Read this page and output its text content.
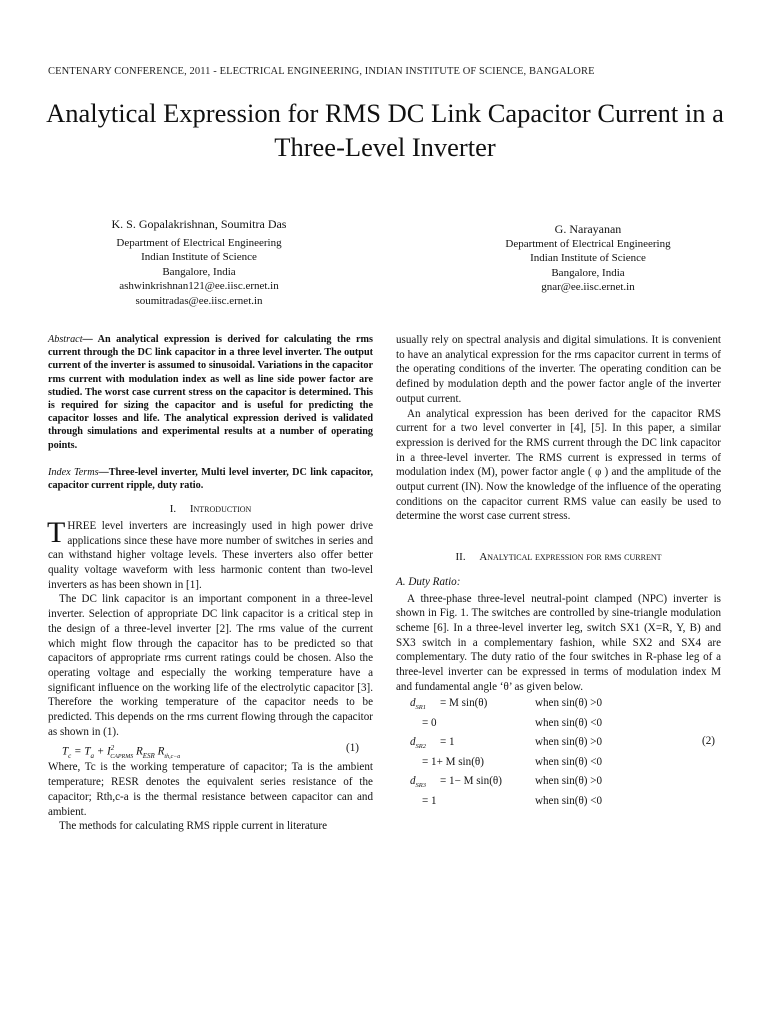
CENTENARY CONFERENCE, 2011 - ELECTRICAL ENGINEERING, INDIAN INSTITUTE OF SCIENCE, BANGALORE
Analytical Expression for RMS DC Link Capacitor Current in a Three-Level Inverter
K. S. Gopalakrishnan, Soumitra Das
Department of Electrical Engineering
Indian Institute of Science
Bangalore, India
ashwinkrishnan121@ee.iisc.ernet.in
soumitradas@ee.iisc.ernet.in
G. Narayanan
Department of Electrical Engineering
Indian Institute of Science
Bangalore, India
gnar@ee.iisc.ernet.in

Abstract— An analytical expression is derived for calculating the rms current through the DC link capacitor in a three level inverter. The output current of the inverter is assumed to sinusoidal. Variations in the capacitor rms current with modulation index as well as line side power factor are studied. The worst case current stress on the capacitor is determined. This is required for sizing the capacitor and is useful for predicting the capacitor losses and life. The analytical expression derived is validated through simulations and experimental results at a number of operating points.

Index Terms—Three-level inverter, Multi level inverter, DC link capacitor, capacitor current ripple, duty ratio.

I. Introduction

THREE level inverters are increasingly used in high power drive applications since these have more number of switches in series and can withstand higher voltage levels. These inverters also offer better quality voltage waveform with less harmonic content than two-level inverters as has been shown in [1].

The DC link capacitor is an important component in a three-level inverter. Selection of appropriate DC link capacitor is a critical step in the design of a three-level inverter [2]. The rms value of the current which might flow through the capacitor has to be predicted so that capacitors of appropriate rms current ratings could be chosen. Also the operating voltage and especially the working temperature have a significant influence on the working life of the electrolytic capacitor [3]. Therefore the working temperature of the capacitor needs to be predicted. This depends on the rms current flowing through the capacitor as shown in (1).

$T_c = T_a + I^2_{CAPRMS}$ $R_{ESR}$ $R_{th,c-a}$
(1)

Where, Tc is the working temperature of capacitor; Ta is the ambient temperature; RESR denotes the equivalent series resistance of the capacitor; Rth,c-a is the thermal resistance between capacitor can and ambient.

The methods for calculating RMS ripple current in literature

usually rely on spectral analysis and digital simulations. It is convenient to have an analytical expression for the rms capacitor current in terms of the operating conditions of the inverter. The operating condition can be defined by modulation depth and the power factor angle of the inverter output current.

An analytical expression has been derived for the capacitor RMS current for a two level converter in [4], [5]. In this paper, a similar expression is derived for the RMS current through the DC link capacitor in a three-level inverter. The RMS current is expressed in terms of modulation index (M), power factor angle ( φ ) and the amplitude of the output current (IN). Now the knowledge of the influence of the operating conditions on the capacitor current RMS value can easily be used to determine the worst case current stress.

II. Analytical expression for rms current

A. Duty Ratio:

A three-phase three-level neutral-point clamped (NPC) inverter is shown in Fig. 1. The switches are controlled by sine-triangle modulation scheme [6]. In a three-level inverter leg, switch SX1 (X=R, Y, B) and SX3 switch in a complementary fashion, while SX2 and SX4 are complementary. The duty ratio of the four switches in R-phase leg of a three-level inverter can be expressed in terms of modulation index M and fundamental angle ‘θ’ as given below.

$d_{SR1} = M$ sin(θ)	when sin(θ) >0
= 0	when sin(θ) <0
$d_{SR2} = 1$	when sin(θ) >0
= 1+ M sin(θ)	when sin(θ) <0
$d_{SR3} = 1- M$ sin(θ)	when sin(θ) >0
= 1	when sin(θ) <0
(2)
